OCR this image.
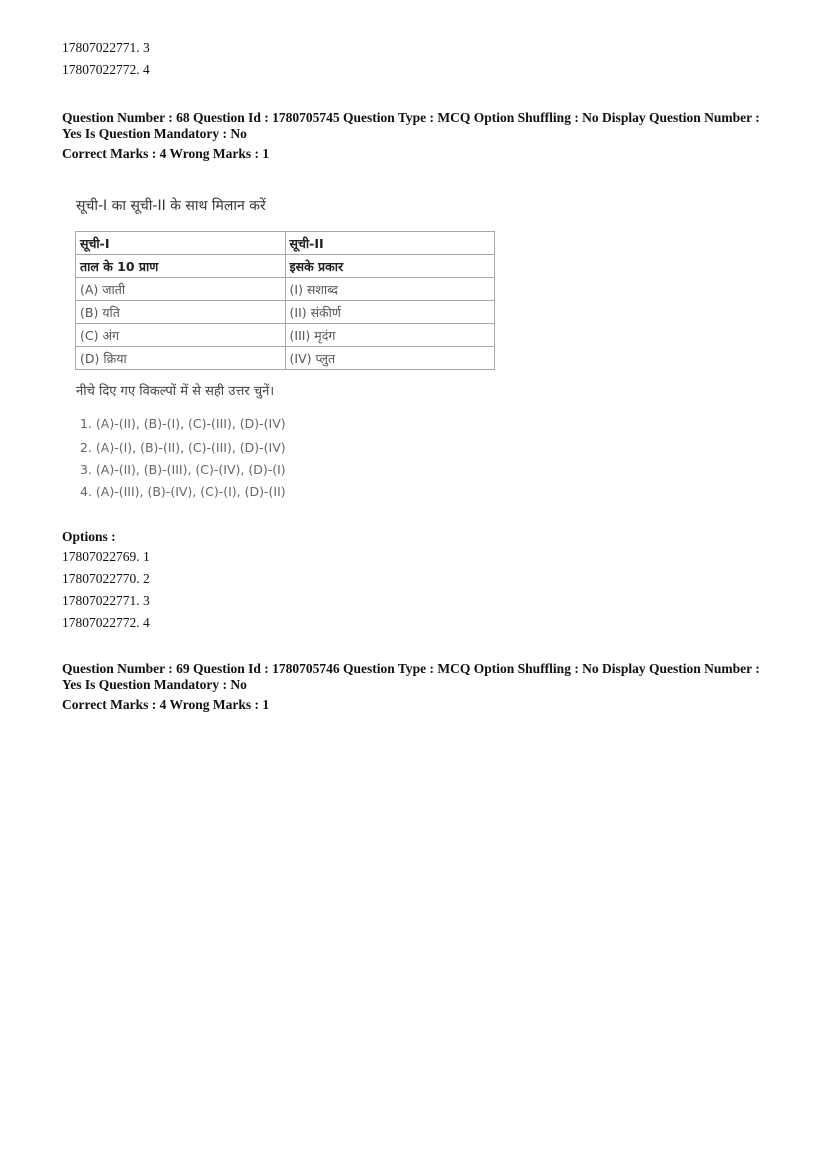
17807022771. 3
17807022772. 4
Question Number : 68 Question Id : 1780705745 Question Type : MCQ Option Shuffling : No Display Question Number : Yes Is Question Mandatory : No
Correct Marks : 4 Wrong Marks : 1
सूची-I का सूची-II के साथ मिलान करें
सूची-I	सूची-II
ताल के 10 प्राण	इसके प्रकार
(A) जाती	(I) सशाब्द
(B) यति	(II) संकीर्ण
(C) अंग	(III) मृदंग
(D) क्रिया	(IV) प्लुत
नीचे दिए गए विकल्पों में से सही उत्तर चुनें।
1. (A)-(II), (B)-(I), (C)-(III), (D)-(IV)
2. (A)-(I), (B)-(II), (C)-(III), (D)-(IV)
3. (A)-(II), (B)-(III), (C)-(IV), (D)-(I)
4. (A)-(III), (B)-(IV), (C)-(I), (D)-(II)
Options :
17807022769. 1
17807022770. 2
17807022771. 3
17807022772. 4
Question Number : 69 Question Id : 1780705746 Question Type : MCQ Option Shuffling : No Display Question Number : Yes Is Question Mandatory : No
Correct Marks : 4 Wrong Marks : 1
